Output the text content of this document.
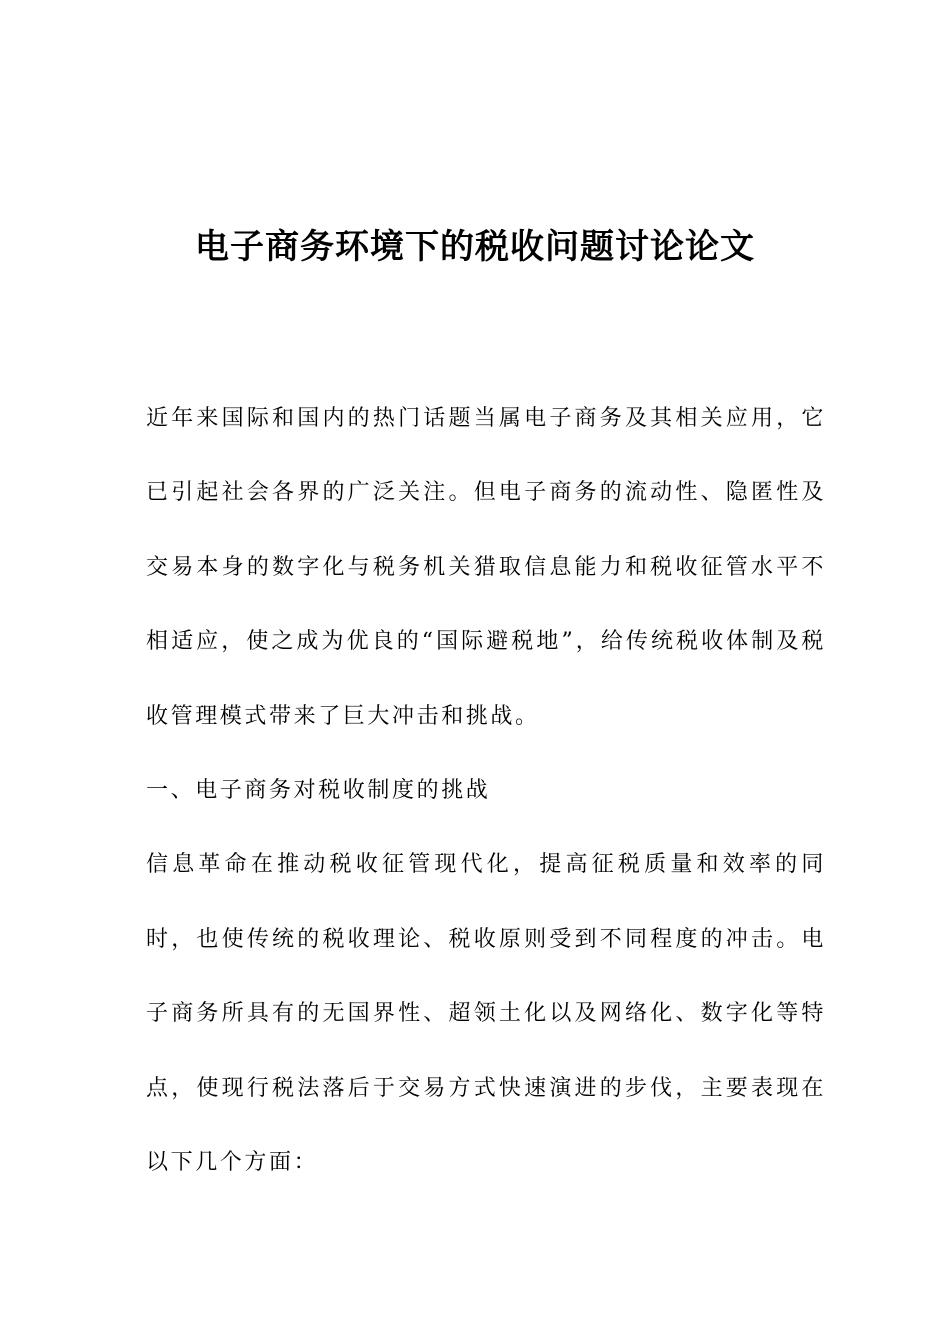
电子商务环境下的税收问题讨论论文

近年来国际和国内的热门话题当属电子商务及其相关应用，它已引起社会各界的广泛关注。但电子商务的流动性、隐匿性及交易本身的数字化与税务机关猎取信息能力和税收征管水平不相适应，使之成为优良的“国际避税地”，给传统税收体制及税收管理模式带来了巨大冲击和挑战。

一、电子商务对税收制度的挑战

信息革命在推动税收征管现代化，提高征税质量和效率的同时，也使传统的税收理论、税收原则受到不同程度的冲击。电子商务所具有的无国界性、超领土化以及网络化、数字化等特点，使现行税法落后于交易方式快速演进的步伐，主要表现在以下几个方面：
